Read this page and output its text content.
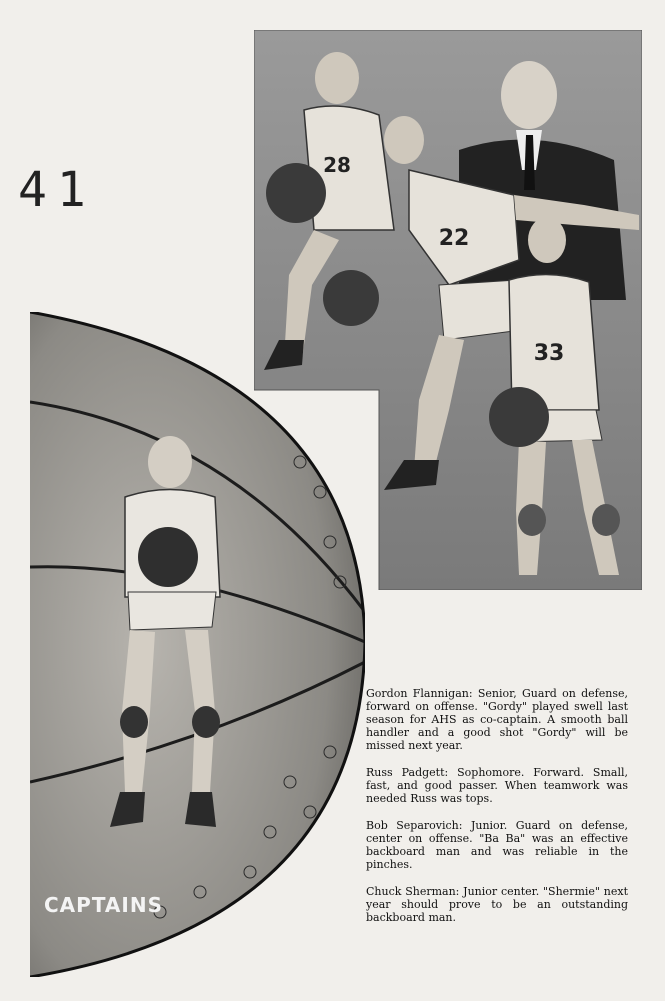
41	28
22
33
CAPTAINS

Gordon Flannigan: Senior, Guard on defense, forward on offense. "Gordy" played swell last season for AHS as co-captain. A smooth ball handler and a good shot "Gordy" will be missed next year.

Russ Padgett: Sophomore. Forward. Small, fast, and good passer. When teamwork was needed Russ was tops.

Bob Separovich: Junior. Guard on defense, center on offense. "Ba Ba" was an effective backboard man and was reliable in the pinches.

Chuck Sherman: Junior center. "Shermie" next year should prove to be an outstanding backboard man.
